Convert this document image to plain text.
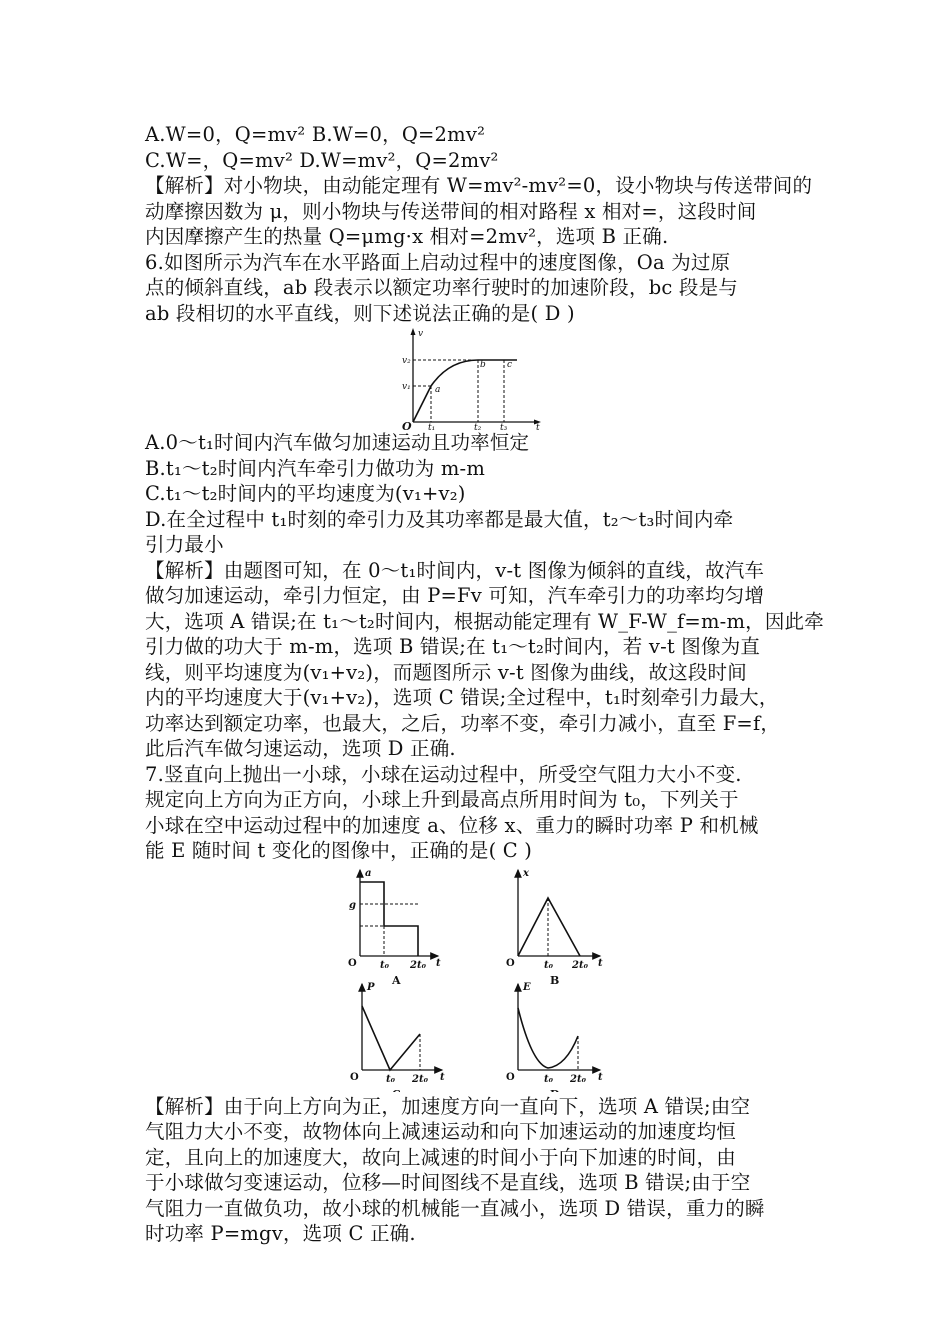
A.W=0，Q=mv² B.W=0，Q=2mv²
C.W=，Q=mv² D.W=mv²，Q=2mv²
【解析】对小物块，由动能定理有 W=mv²-mv²=0，设小物块与传送带间的
动摩擦因数为 μ，则小物块与传送带间的相对路程 x 相对=，这段时间
内因摩擦产生的热量 Q=μmg·x 相对=2mv²，选项 B 正确.
6.如图所示为汽车在水平路面上启动过程中的速度图像，Oa 为过原
点的倾斜直线，ab 段表示以额定功率行驶时的加速阶段，bc 段是与
ab 段相切的水平直线，则下述说法正确的是( D )
v
v₂
v₁	a
b c
O t₁	t₂ t₃	t
A.0～t₁时间内汽车做匀加速运动且功率恒定
B.t₁～t₂时间内汽车牵引力做功为 m-m
C.t₁～t₂时间内的平均速度为(v₁+v₂)
D.在全过程中 t₁时刻的牵引力及其功率都是最大值，t₂～t₃时间内牵
引力最小
【解析】由题图可知，在 0～t₁时间内，v-t 图像为倾斜的直线，故汽车
做匀加速运动，牵引力恒定，由 P=Fv 可知，汽车牵引力的功率均匀增
大，选项 A 错误;在 t₁～t₂时间内，根据动能定理有 W_F-W_f=m-m，因此牵
引力做的功大于 m-m，选项 B 错误;在 t₁～t₂时间内，若 v-t 图像为直
线，则平均速度为(v₁+v₂)，而题图所示 v-t 图像为曲线，故这段时间
内的平均速度大于(v₁+v₂)，选项 C 错误;全过程中，t₁时刻牵引力最大，
功率达到额定功率，也最大，之后，功率不变，牵引力减小，直至 F=f，
此后汽车做匀速运动，选项 D 正确.
7.竖直向上抛出一小球，小球在运动过程中，所受空气阻力大小不变.
规定向上方向为正方向，小球上升到最高点所用时间为 t₀，下列关于
小球在空中运动过程中的加速度 a、位移 x、重力的瞬时功率 P 和机械
能 E 随时间 t 变化的图像中，正确的是( C )
a
g
O t₀ 2t₀ t
A
x
O	t₀ 2t₀ t
B
P
O	t₀ 2t₀ t
E
O	t₀ 2t₀ t
【解析】由于向上方向为正，加速度方向一直向下，选项 A 错误;由空
气阻力大小不变，故物体向上减速运动和向下加速运动的加速度均恒
定，且向上的加速度大，故向上减速的时间小于向下加速的时间，由
于小球做匀变速运动，位移—时间图线不是直线，选项 B 错误;由于空
气阻力一直做负功，故小球的机械能一直减小，选项 D 错误，重力的瞬
时功率 P=mgv，选项 C 正确.
